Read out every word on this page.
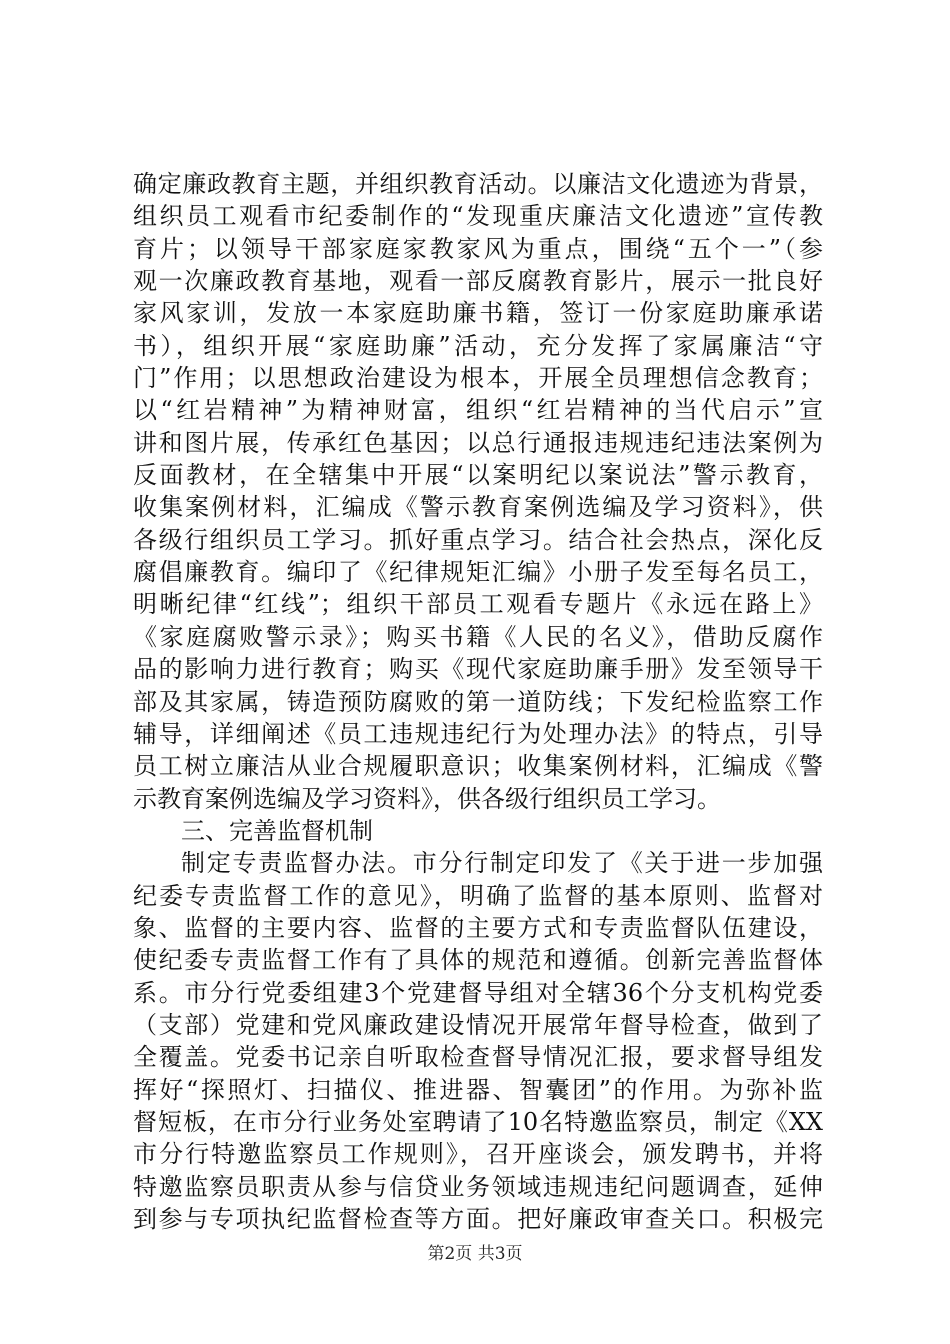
确定廉政教育主题，并组织教育活动。以廉洁文化遗迹为背景，
组织员工观看市纪委制作的“发现重庆廉洁文化遗迹”宣传教
育片；以领导干部家庭家教家风为重点，围绕“五个一”（参
观一次廉政教育基地，观看一部反腐教育影片，展示一批良好
家风家训，发放一本家庭助廉书籍，签订一份家庭助廉承诺
书），组织开展“家庭助廉”活动，充分发挥了家属廉洁“守
门”作用；以思想政治建设为根本，开展全员理想信念教育；
以“红岩精神”为精神财富，组织“红岩精神的当代启示”宣
讲和图片展，传承红色基因；以总行通报违规违纪违法案例为
反面教材，在全辖集中开展“以案明纪以案说法”警示教育，
收集案例材料，汇编成《警示教育案例选编及学习资料》，供
各级行组织员工学习。抓好重点学习。结合社会热点，深化反
腐倡廉教育。编印了《纪律规矩汇编》小册子发至每名员工，
明晰纪律“红线”；组织干部员工观看专题片《永远在路上》
《家庭腐败警示录》；购买书籍《人民的名义》，借助反腐作
品的影响力进行教育；购买《现代家庭助廉手册》发至领导干
部及其家属，铸造预防腐败的第一道防线；下发纪检监察工作
辅导，详细阐述《员工违规违纪行为处理办法》的特点，引导
员工树立廉洁从业合规履职意识；收集案例材料，汇编成《警
示教育案例选编及学习资料》，供各级行组织员工学习。
三、完善监督机制
制定专责监督办法。市分行制定印发了《关于进一步加强
纪委专责监督工作的意见》，明确了监督的基本原则、监督对
象、监督的主要内容、监督的主要方式和专责监督队伍建设，
使纪委专责监督工作有了具体的规范和遵循。创新完善监督体
系。市分行党委组建3个党建督导组对全辖36个分支机构党委
（支部）党建和党风廉政建设情况开展常年督导检查，做到了
全覆盖。党委书记亲自听取检查督导情况汇报，要求督导组发
挥好“探照灯、扫描仪、推进器、智囊团”的作用。为弥补监
督短板，在市分行业务处室聘请了10名特邀监察员，制定《XX
市分行特邀监察员工作规则》，召开座谈会，颁发聘书，并将
特邀监察员职责从参与信贷业务领域违规违纪问题调查，延伸
到参与专项执纪监督检查等方面。把好廉政审查关口。积极完
第2页 共3页
